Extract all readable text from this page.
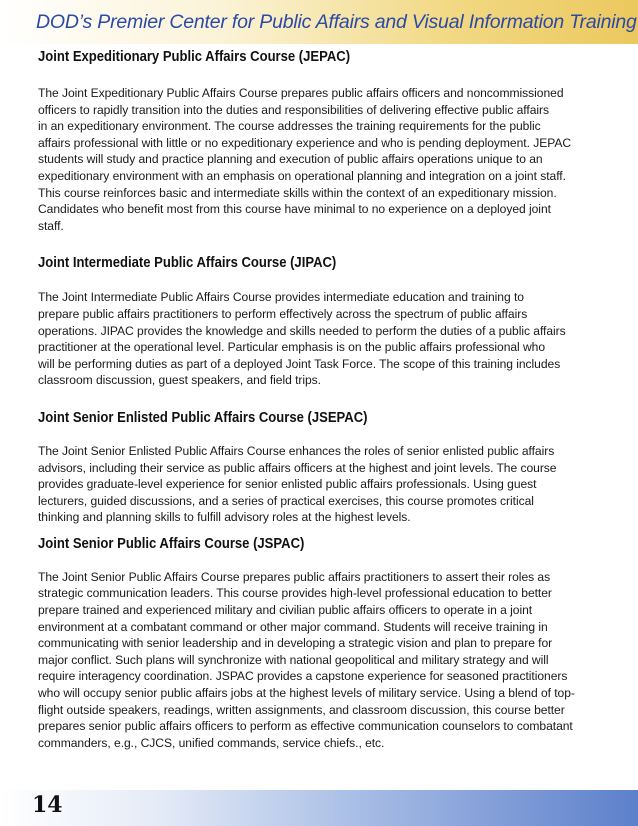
DOD’s Premier Center for Public Affairs and Visual Information Training
Joint Expeditionary Public Affairs Course (JEPAC)

The Joint Expeditionary Public Affairs Course prepares public affairs officers and noncommissioned
officers to rapidly transition into the duties and responsibilities of delivering effective public affairs
in an expeditionary environment. The course addresses the training requirements for the public
affairs professional with little or no expeditionary experience and who is pending deployment. JEPAC
students will study and practice planning and execution of public affairs operations unique to an
expeditionary environment with an emphasis on operational planning and integration on a joint staff.
This course reinforces basic and intermediate skills within the context of an expeditionary mission.
Candidates who benefit most from this course have minimal to no experience on a deployed joint
staff.

Joint Intermediate Public Affairs Course (JIPAC)

The Joint Intermediate Public Affairs Course provides intermediate education and training to
prepare public affairs practitioners to perform effectively across the spectrum of public affairs
operations. JIPAC provides the knowledge and skills needed to perform the duties of a public affairs
practitioner at the operational level. Particular emphasis is on the public affairs professional who
will be performing duties as part of a deployed Joint Task Force. The scope of this training includes
classroom discussion, guest speakers, and field trips.

Joint Senior Enlisted Public Affairs Course (JSEPAC)

The Joint Senior Enlisted Public Affairs Course enhances the roles of senior enlisted public affairs
advisors, including their service as public affairs officers at the highest and joint levels. The course
provides graduate-level experience for senior enlisted public affairs professionals. Using guest
lecturers, guided discussions, and a series of practical exercises, this course promotes critical
thinking and planning skills to fulfill advisory roles at the highest levels.

Joint Senior Public Affairs Course (JSPAC)

The Joint Senior Public Affairs Course prepares public affairs practitioners to assert their roles as
strategic communication leaders. This course provides high-level professional education to better
prepare trained and experienced military and civilian public affairs officers to operate in a joint
environment at a combatant command or other major command. Students will receive training in
communicating with senior leadership and in developing a strategic vision and plan to prepare for
major conflict. Such plans will synchronize with national geopolitical and military strategy and will
require interagency coordination. JSPAC provides a capstone experience for seasoned practitioners
who will occupy senior public affairs jobs at the highest levels of military service. Using a blend of top-
flight outside speakers, readings, written assignments, and classroom discussion, this course better
prepares senior public affairs officers to perform as effective communication counselors to combatant
commanders, e.g., CJCS, unified commands, service chiefs., etc.

14
